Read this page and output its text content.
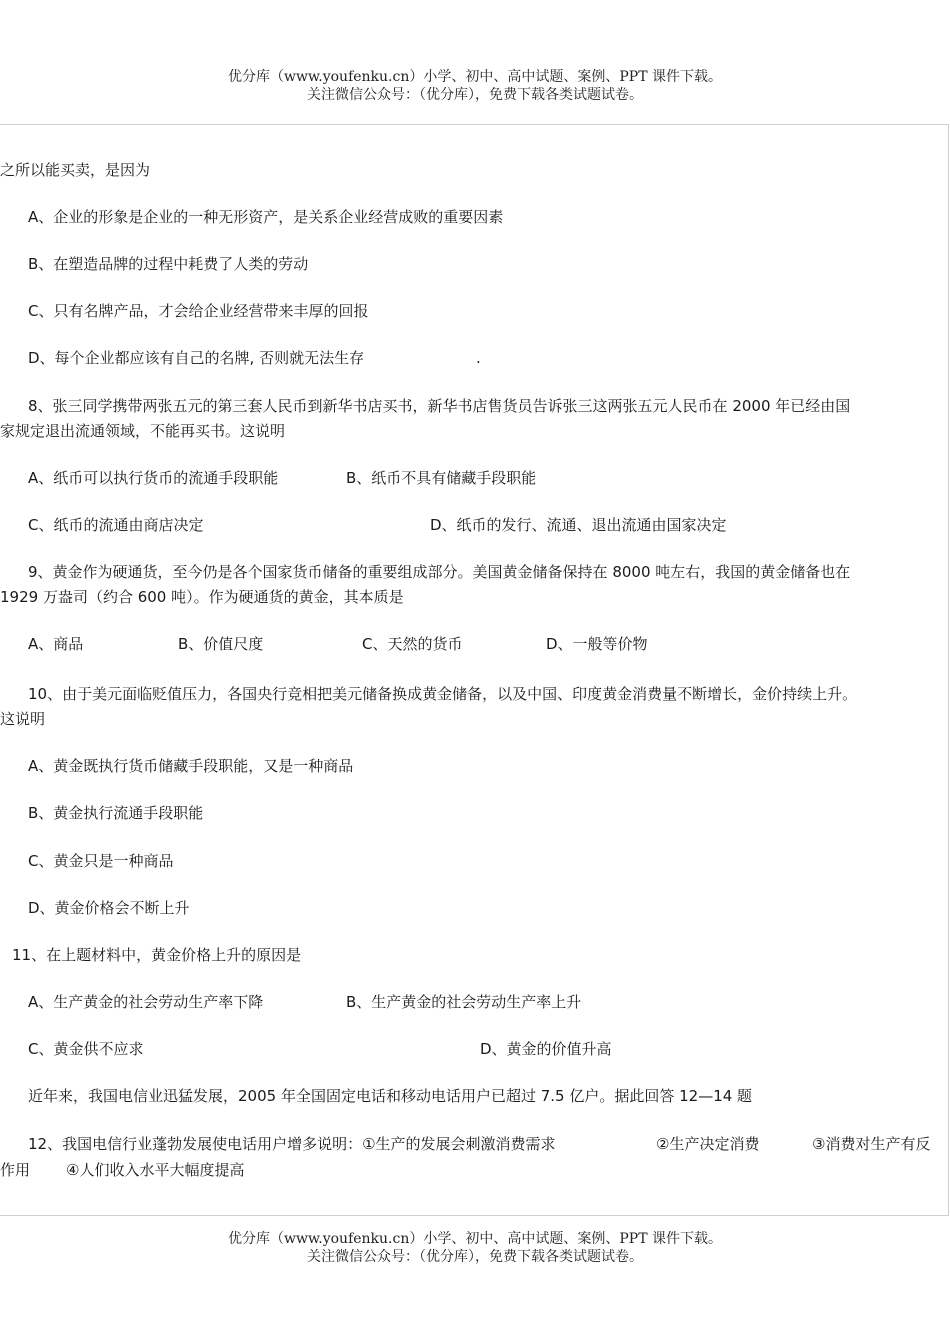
优分库（www.youfenku.cn）小学、初中、高中试题、案例、PPT 课件下载。
关注微信公众号：（优分库），免费下载各类试题试卷。
之所以能买卖，是因为
A、企业的形象是企业的一种无形资产，是关系企业经营成败的重要因素
B、在塑造品牌的过程中耗费了人类的劳动
C、只有名牌产品，才会给企业经营带来丰厚的回报
D、每个企业都应该有自己的名牌, 否则就无法生存	.
8、张三同学携带两张五元的第三套人民币到新华书店买书，新华书店售货员告诉张三这两张五元人民币在 2000 年已经由国
家规定退出流通领域，不能再买书。这说明
A、纸币可以执行货币的流通手段职能	B、纸币不具有储藏手段职能
C、纸币的流通由商店决定	D、纸币的发行、流通、退出流通由国家决定
9、黄金作为硬通货，至今仍是各个国家货币储备的重要组成部分。美国黄金储备保持在 8000 吨左右，我国的黄金储备也在
1929 万盎司（约合 600 吨）。作为硬通货的黄金，其本质是
A、商品	B、价值尺度	C、天然的货币	D、一般等价物
10、由于美元面临贬值压力，各国央行竞相把美元储备换成黄金储备，以及中国、印度黄金消费量不断增长，金价持续上升。
这说明
A、黄金既执行货币储藏手段职能，又是一种商品
B、黄金执行流通手段职能
C、黄金只是一种商品
D、黄金价格会不断上升
11、在上题材料中，黄金价格上升的原因是
A、生产黄金的社会劳动生产率下降	B、生产黄金的社会劳动生产率上升
C、黄金供不应求	D、黄金的价值升高
近年来，我国电信业迅猛发展，2005 年全国固定电话和移动电话用户已超过 7.5 亿户。据此回答 12—14 题
12、我国电信行业蓬勃发展使电话用户增多说明：①生产的发展会刺激消费需求	②生产决定消费	③消费对生产有反
作用 ④人们收入水平大幅度提高
优分库（www.youfenku.cn）小学、初中、高中试题、案例、PPT 课件下载。
关注微信公众号：（优分库），免费下载各类试题试卷。
